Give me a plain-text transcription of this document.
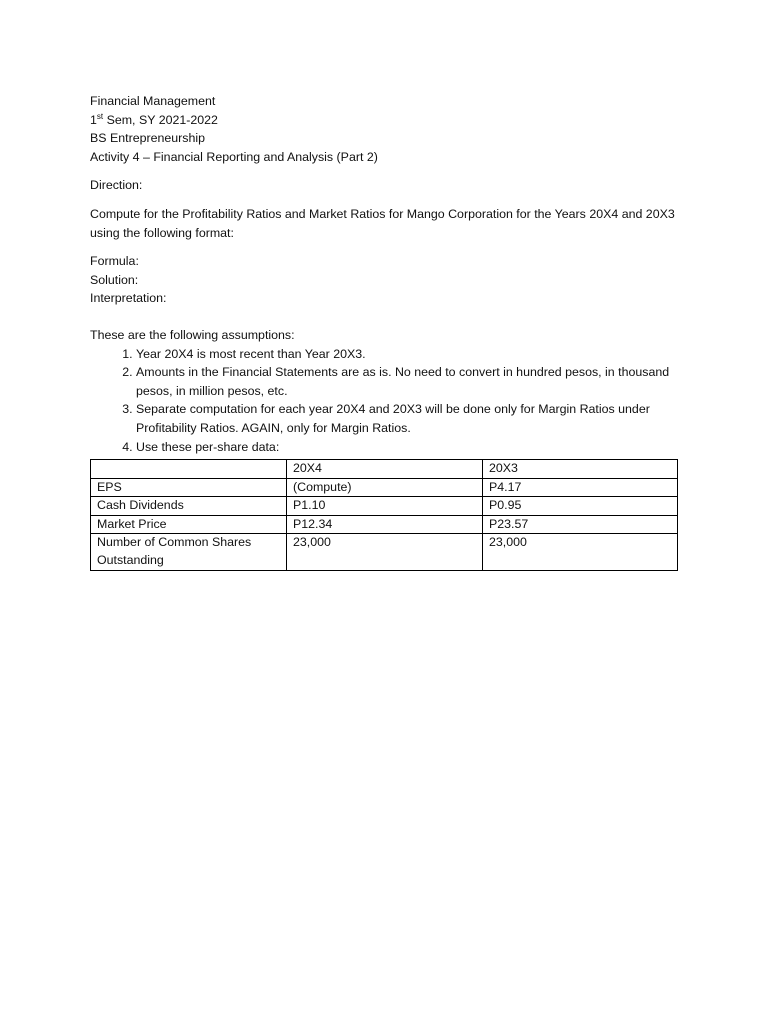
Financial Management
1st Sem, SY 2021-2022
BS Entrepreneurship
Activity 4 – Financial Reporting and Analysis (Part 2)
Direction:
Compute for the Profitability Ratios and Market Ratios for Mango Corporation for the Years 20X4 and 20X3 using the following format:
Formula:
Solution:
Interpretation:
These are the following assumptions:
1. Year 20X4 is most recent than Year 20X3.
2. Amounts in the Financial Statements are as is. No need to convert in hundred pesos, in thousand pesos, in million pesos, etc.
3. Separate computation for each year 20X4 and 20X3 will be done only for Margin Ratios under Profitability Ratios. AGAIN, only for Margin Ratios.
4. Use these per-share data:
	20X4	20X3
EPS	(Compute)	P4.17
Cash Dividends	P1.10	P0.95
Market Price	P12.34	P23.57
Number of Common Shares Outstanding	23,000	23,000
